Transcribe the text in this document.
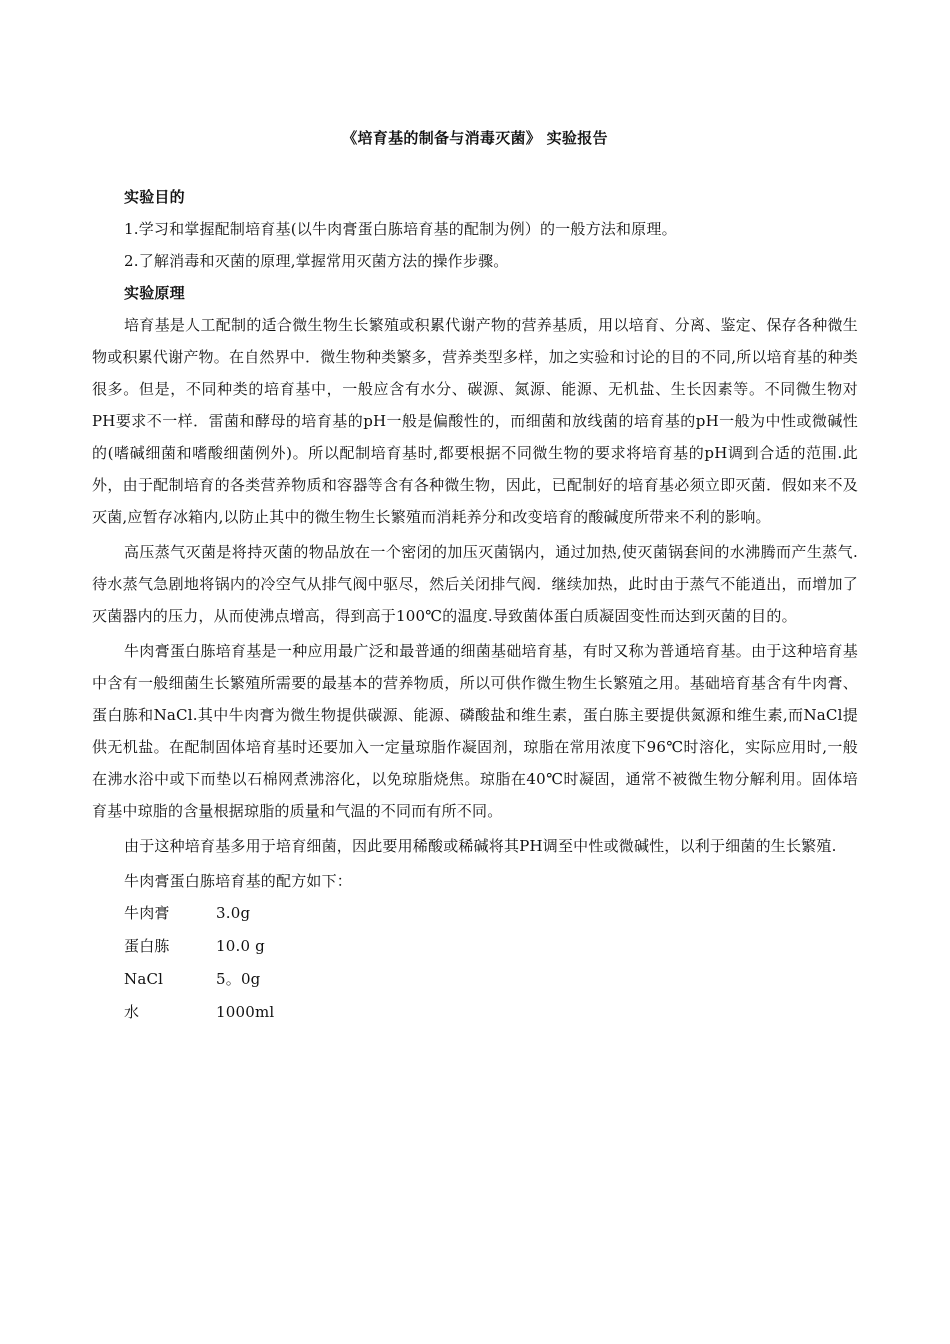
《培育基的制备与消毒灭菌》 实验报告
实验目的
1.学习和掌握配制培育基(以牛肉膏蛋白胨培育基的配制为例）的一般方法和原理。
2.了解消毒和灭菌的原理,掌握常用灭菌方法的操作步骤。
实验原理

培育基是人工配制的适合微生物生长繁殖或积累代谢产物的营养基质，用以培育、分离、鉴定、保存各种微生物或积累代谢产物。在自然界中．微生物种类繁多，营养类型多样，加之实验和讨论的目的不同,所以培育基的种类很多。但是，不同种类的培育基中，一般应含有水分、碳源、氮源、能源、无机盐、生长因素等。不同微生物对PH要求不一样．雷菌和酵母的培育基的pH一般是偏酸性的，而细菌和放线菌的培育基的pH一般为中性或微碱性的(嗜碱细菌和嗜酸细菌例外)。所以配制培育基时,都要根据不同微生物的要求将培育基的pH调到合适的范围.此外，由于配制培育的各类营养物质和容器等含有各种微生物，因此，已配制好的培育基必须立即灭菌．假如来不及灭菌,应暂存冰箱内,以防止其中的微生物生长繁殖而消耗养分和改变培育的酸碱度所带来不利的影响。

高压蒸气灭菌是将持灭菌的物品放在一个密闭的加压灭菌锅内，通过加热,使灭菌锅套间的水沸腾而产生蒸气.待水蒸气急剧地将锅内的冷空气从排气阀中驱尽，然后关闭排气阀．继续加热，此时由于蒸气不能逍出，而增加了灭菌器内的压力，从而使沸点增高，得到高于100℃的温度.导致菌体蛋白质凝固变性而达到灭菌的目的。

牛肉膏蛋白胨培育基是一种应用最广泛和最普通的细菌基础培育基，有时又称为普通培育基。由于这种培育基中含有一般细菌生长繁殖所需要的最基本的营养物质，所以可供作微生物生长繁殖之用。基础培育基含有牛肉膏、蛋白胨和NaCl.其中牛肉膏为微生物提供碳源、能源、磷酸盐和维生素，蛋白胨主要提供氮源和维生素,而NaCl提供无机盐。在配制固体培育基时还要加入一定量琼脂作凝固剂，琼脂在常用浓度下96℃时溶化，实际应用时,一般在沸水浴中或下而垫以石棉网煮沸溶化，以免琼脂烧焦。琼脂在40℃时凝固，通常不被微生物分解利用。固体培育基中琼脂的含量根据琼脂的质量和气温的不同而有所不同。

由于这种培育基多用于培育细菌，因此要用稀酸或稀碱将其PH调至中性或微碱性，以利于细菌的生长繁殖.

牛肉膏蛋白胨培育基的配方如下：

牛肉膏	3.0g
蛋白胨	10.0 g
NaCl	5。0g
水	1000ml
